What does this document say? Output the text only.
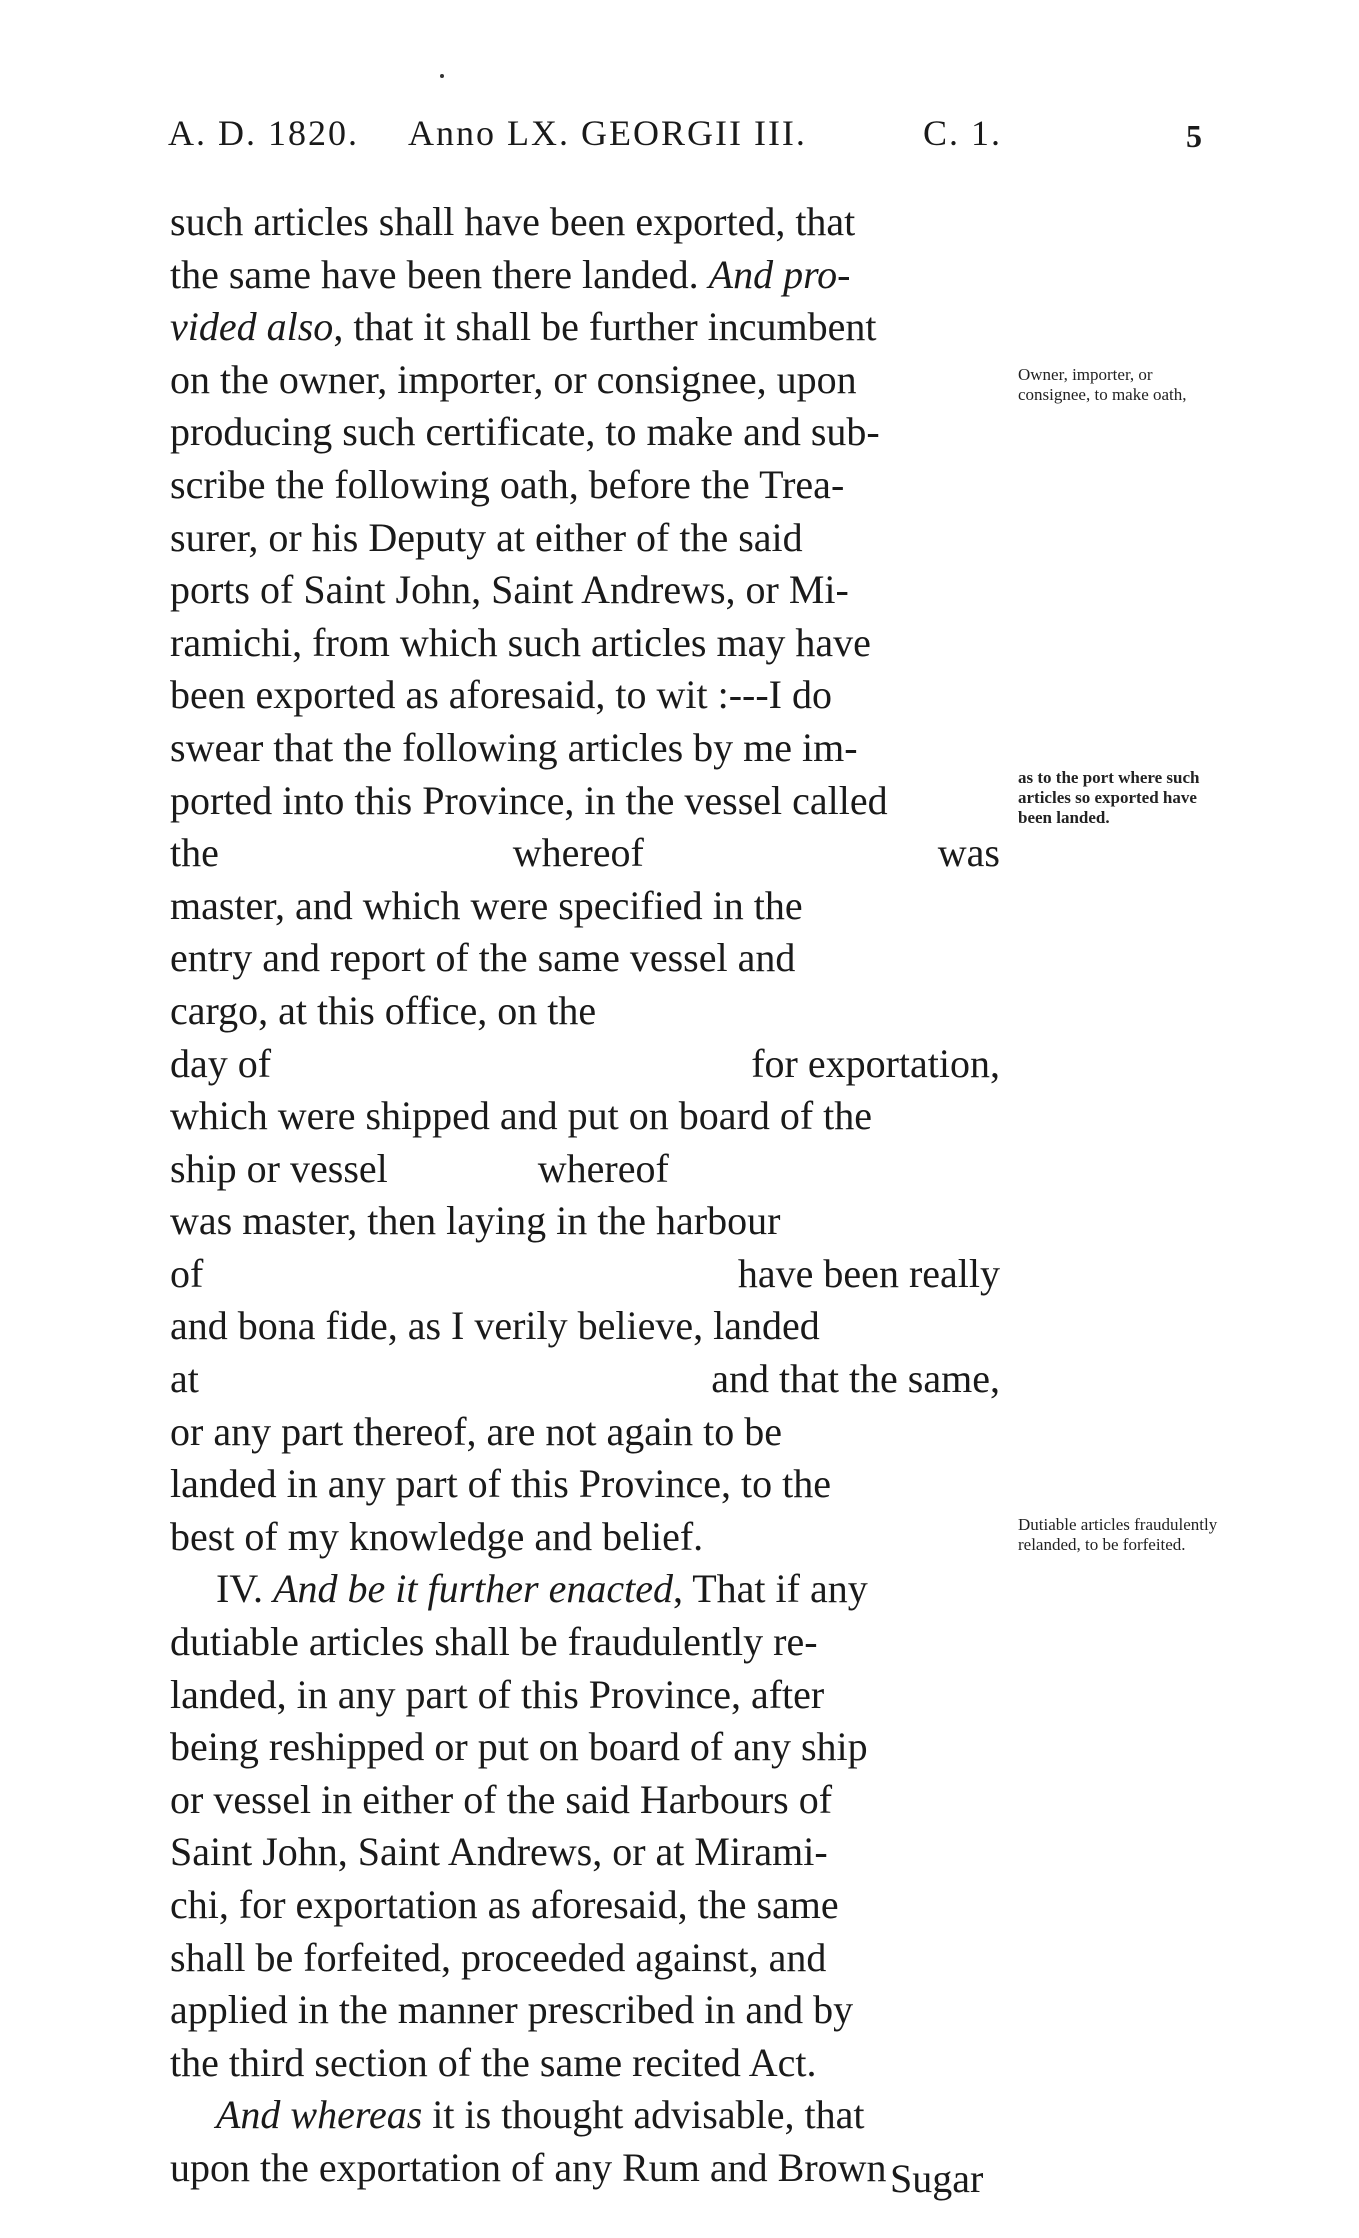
A. D. 1820. Anno LX. GEORGII III.	C. 1.	5
such articles shall have been exported, that
the same have been there landed. And pro-
vided also , that it shall be further incumbent
on the owner, importer, or consignee, upon
producing such certificate, to make and sub-
scribe the following oath, before the Trea-
surer, or his Deputy at either of the said
ports of Saint John, Saint Andrews, or Mi-
ramichi, from which such articles may have
been exported as aforesaid, to wit :---I do
swear that the following articles by me im-
ported into this Province, in the vessel called
the	whereof	was
master, and which were specified in the
entry and report of the same vessel and
cargo, at this office, on the
day of	for exportation,
which were shipped and put on board of the
ship or vessel	whereof
was master, then laying in the harbour
of	have been really
and bona fide, as I verily believe, landed
at	and that the same,
or any part thereof, are not again to be
landed in any part of this Province, to the
best of my knowledge and belief.
IV. And be it further enacted , That if any
dutiable articles shall be fraudulently re-
landed, in any part of this Province, after
being reshipped or put on board of any ship
or vessel in either of the said Harbours of
Saint John, Saint Andrews, or at Mirami-
chi, for exportation as aforesaid, the same
shall be forfeited, proceeded against, and
applied in the manner prescribed in and by
the third section of the same recited Act.
And whereas it is thought advisable, that
upon the exportation of any Rum and Brown
Owner, importer, or consignee, to make oath,
as to the port where such articles so exported have been landed.
Dutiable articles fraudulently relanded, to be forfeited.
Sugar
